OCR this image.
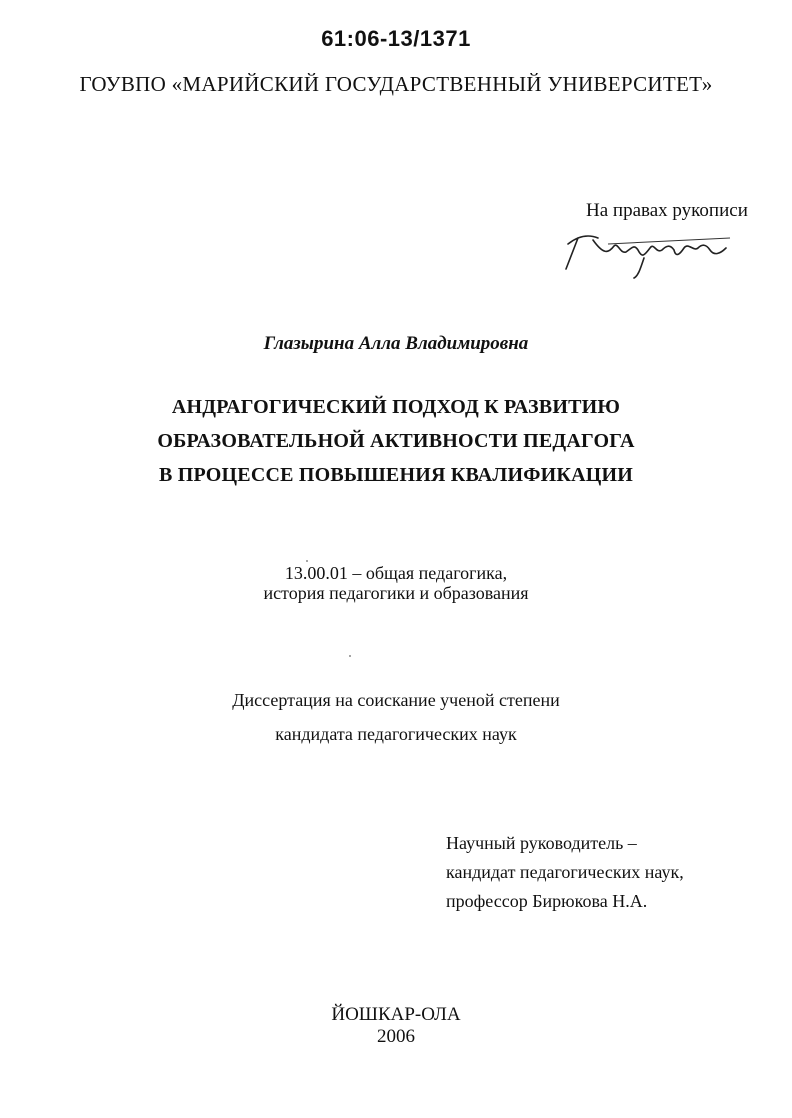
61:06-13/1371
ГОУВПО «МАРИЙСКИЙ ГОСУДАРСТВЕННЫЙ УНИВЕРСИТЕТ»
На правах рукописи
Глазырина Алла Владимировна
АНДРАГОГИЧЕСКИЙ ПОДХОД К РАЗВИТИЮ
ОБРАЗОВАТЕЛЬНОЙ АКТИВНОСТИ ПЕДАГОГА
В ПРОЦЕССЕ ПОВЫШЕНИЯ КВАЛИФИКАЦИИ
13.00.01 – общая педагогика,
история педагогики и образования
Диссертация на соискание ученой степени
кандидата педагогических наук
Научный руководитель –
кандидат педагогических наук,
профессор Бирюкова Н.А.
ЙОШКАР-ОЛА
2006
